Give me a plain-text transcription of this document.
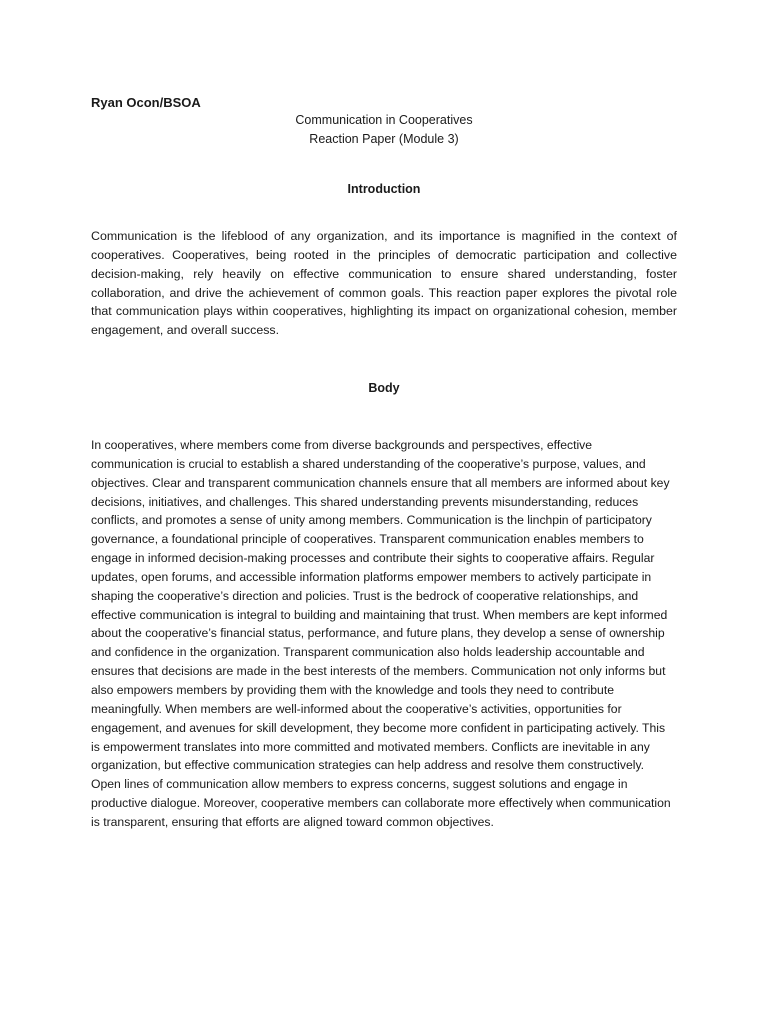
Ryan Ocon/BSOA
Communication in Cooperatives
Reaction Paper (Module 3)
Introduction

Communication is the lifeblood of any organization, and its importance is magnified in the context of cooperatives. Cooperatives, being rooted in the principles of democratic participation and collective decision-making, rely heavily on effective communication to ensure shared understanding, foster collaboration, and drive the achievement of common goals. This reaction paper explores the pivotal role that communication plays within cooperatives, highlighting its impact on organizational cohesion, member engagement, and overall success.

Body

In cooperatives, where members come from diverse backgrounds and perspectives, effective communication is crucial to establish a shared understanding of the cooperative’s purpose, values, and objectives. Clear and transparent communication channels ensure that all members are informed about key decisions, initiatives, and challenges. This shared understanding prevents misunderstanding, reduces conflicts, and promotes a sense of unity among members. Communication is the linchpin of participatory governance, a foundational principle of cooperatives. Transparent communication enables members to engage in informed decision-making processes and contribute their sights to cooperative affairs. Regular updates, open forums, and accessible information platforms empower members to actively participate in shaping the cooperative’s direction and policies. Trust is the bedrock of cooperative relationships, and effective communication is integral to building and maintaining that trust. When members are kept informed about the cooperative’s financial status, performance, and future plans, they develop a sense of ownership and confidence in the organization. Transparent communication also holds leadership accountable and ensures that decisions are made in the best interests of the members. Communication not only informs but also empowers members by providing them with the knowledge and tools they need to contribute meaningfully. When members are well-informed about the cooperative’s activities, opportunities for engagement, and avenues for skill development, they become more confident in participating actively. This is empowerment translates into more committed and motivated members. Conflicts are inevitable in any organization, but effective communication strategies can help address and resolve them constructively. Open lines of communication allow members to express concerns, suggest solutions and engage in productive dialogue. Moreover, cooperative members can collaborate more effectively when communication is transparent, ensuring that efforts are aligned toward common objectives.
